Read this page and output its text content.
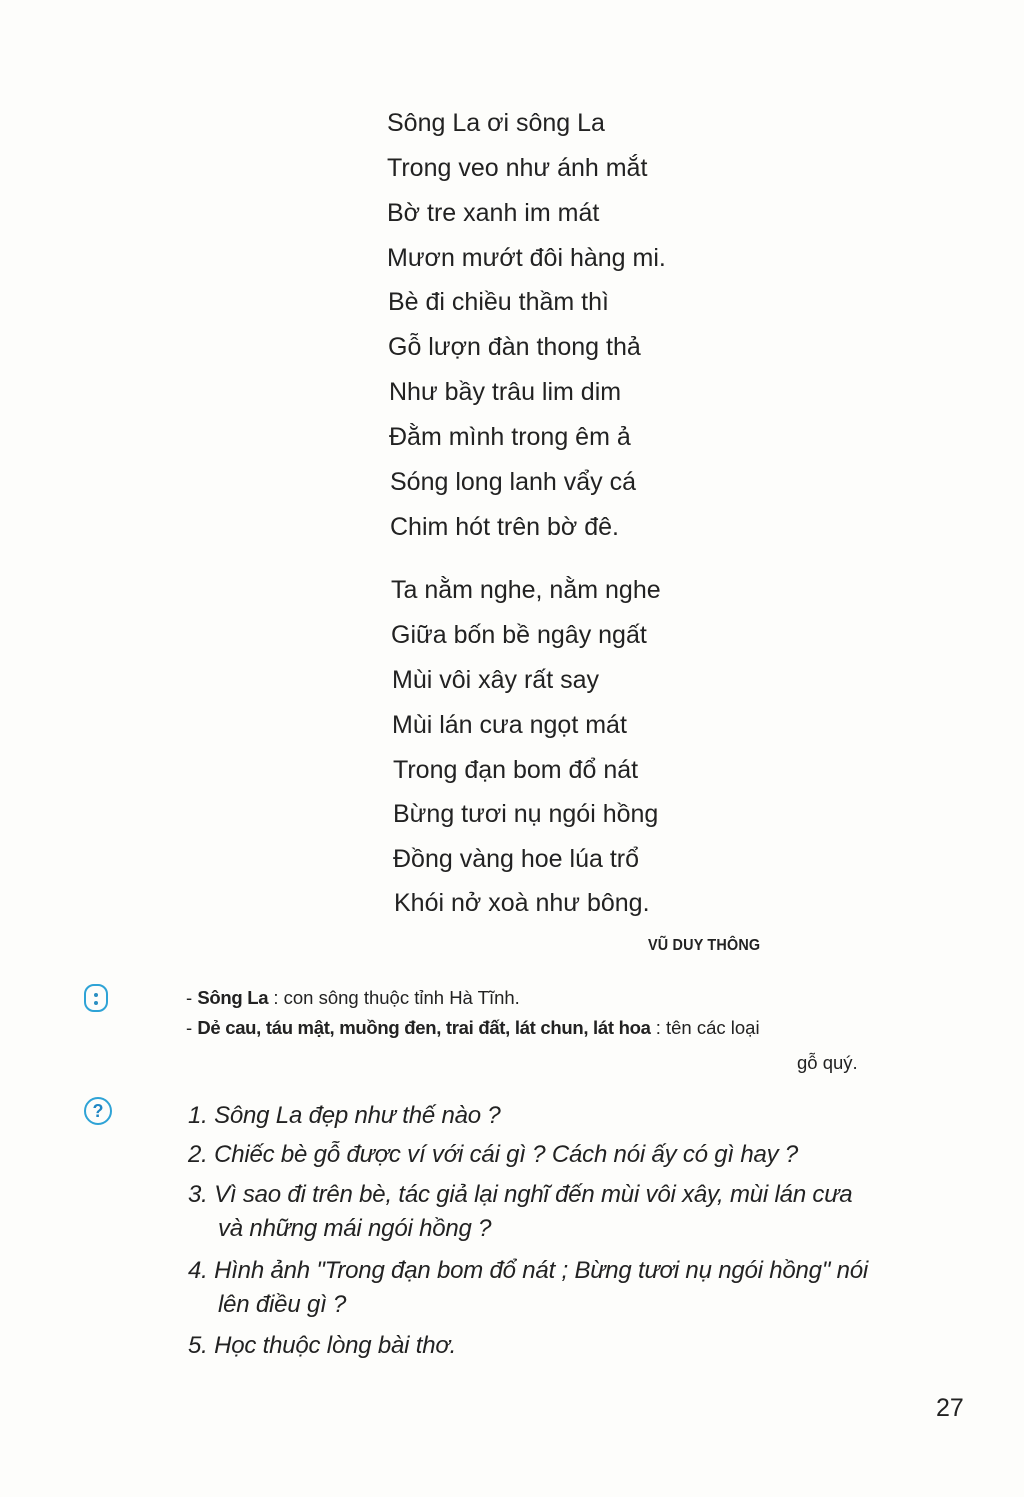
Sông La ơi sông La
Trong veo như ánh mắt
Bờ tre xanh im mát
Mươn mướt đôi hàng mi.
Bè đi chiều thầm thì
Gỗ lượn đàn thong thả
Như bầy trâu lim dim
Đằm mình trong êm ả
Sóng long lanh vẩy cá
Chim hót trên bờ đê.
Ta nằm nghe, nằm nghe
Giữa bốn bề ngây ngất
Mùi vôi xây rất say
Mùi lán cưa ngọt mát
Trong đạn bom đổ nát
Bừng tươi nụ ngói hồng
Đồng vàng hoe lúa trổ
Khói nở xoà như bông.
VŨ DUY THÔNG
- Sông La : con sông thuộc tỉnh Hà Tĩnh.
- Dẻ cau, táu mật, muồng đen, trai đất, lát chun, lát hoa : tên các loại
gỗ quý.
?	1. Sông La đẹp như thế nào ?
2. Chiếc bè gỗ được ví với cái gì ? Cách nói ấy có gì hay ?
3. Vì sao đi trên bè, tác giả lại nghĩ đến mùi vôi xây, mùi lán cưa
và những mái ngói hồng ?
4. Hình ảnh "Trong đạn bom đổ nát ; Bừng tươi nụ ngói hồng" nói
lên điều gì ?
5. Học thuộc lòng bài thơ.
27
